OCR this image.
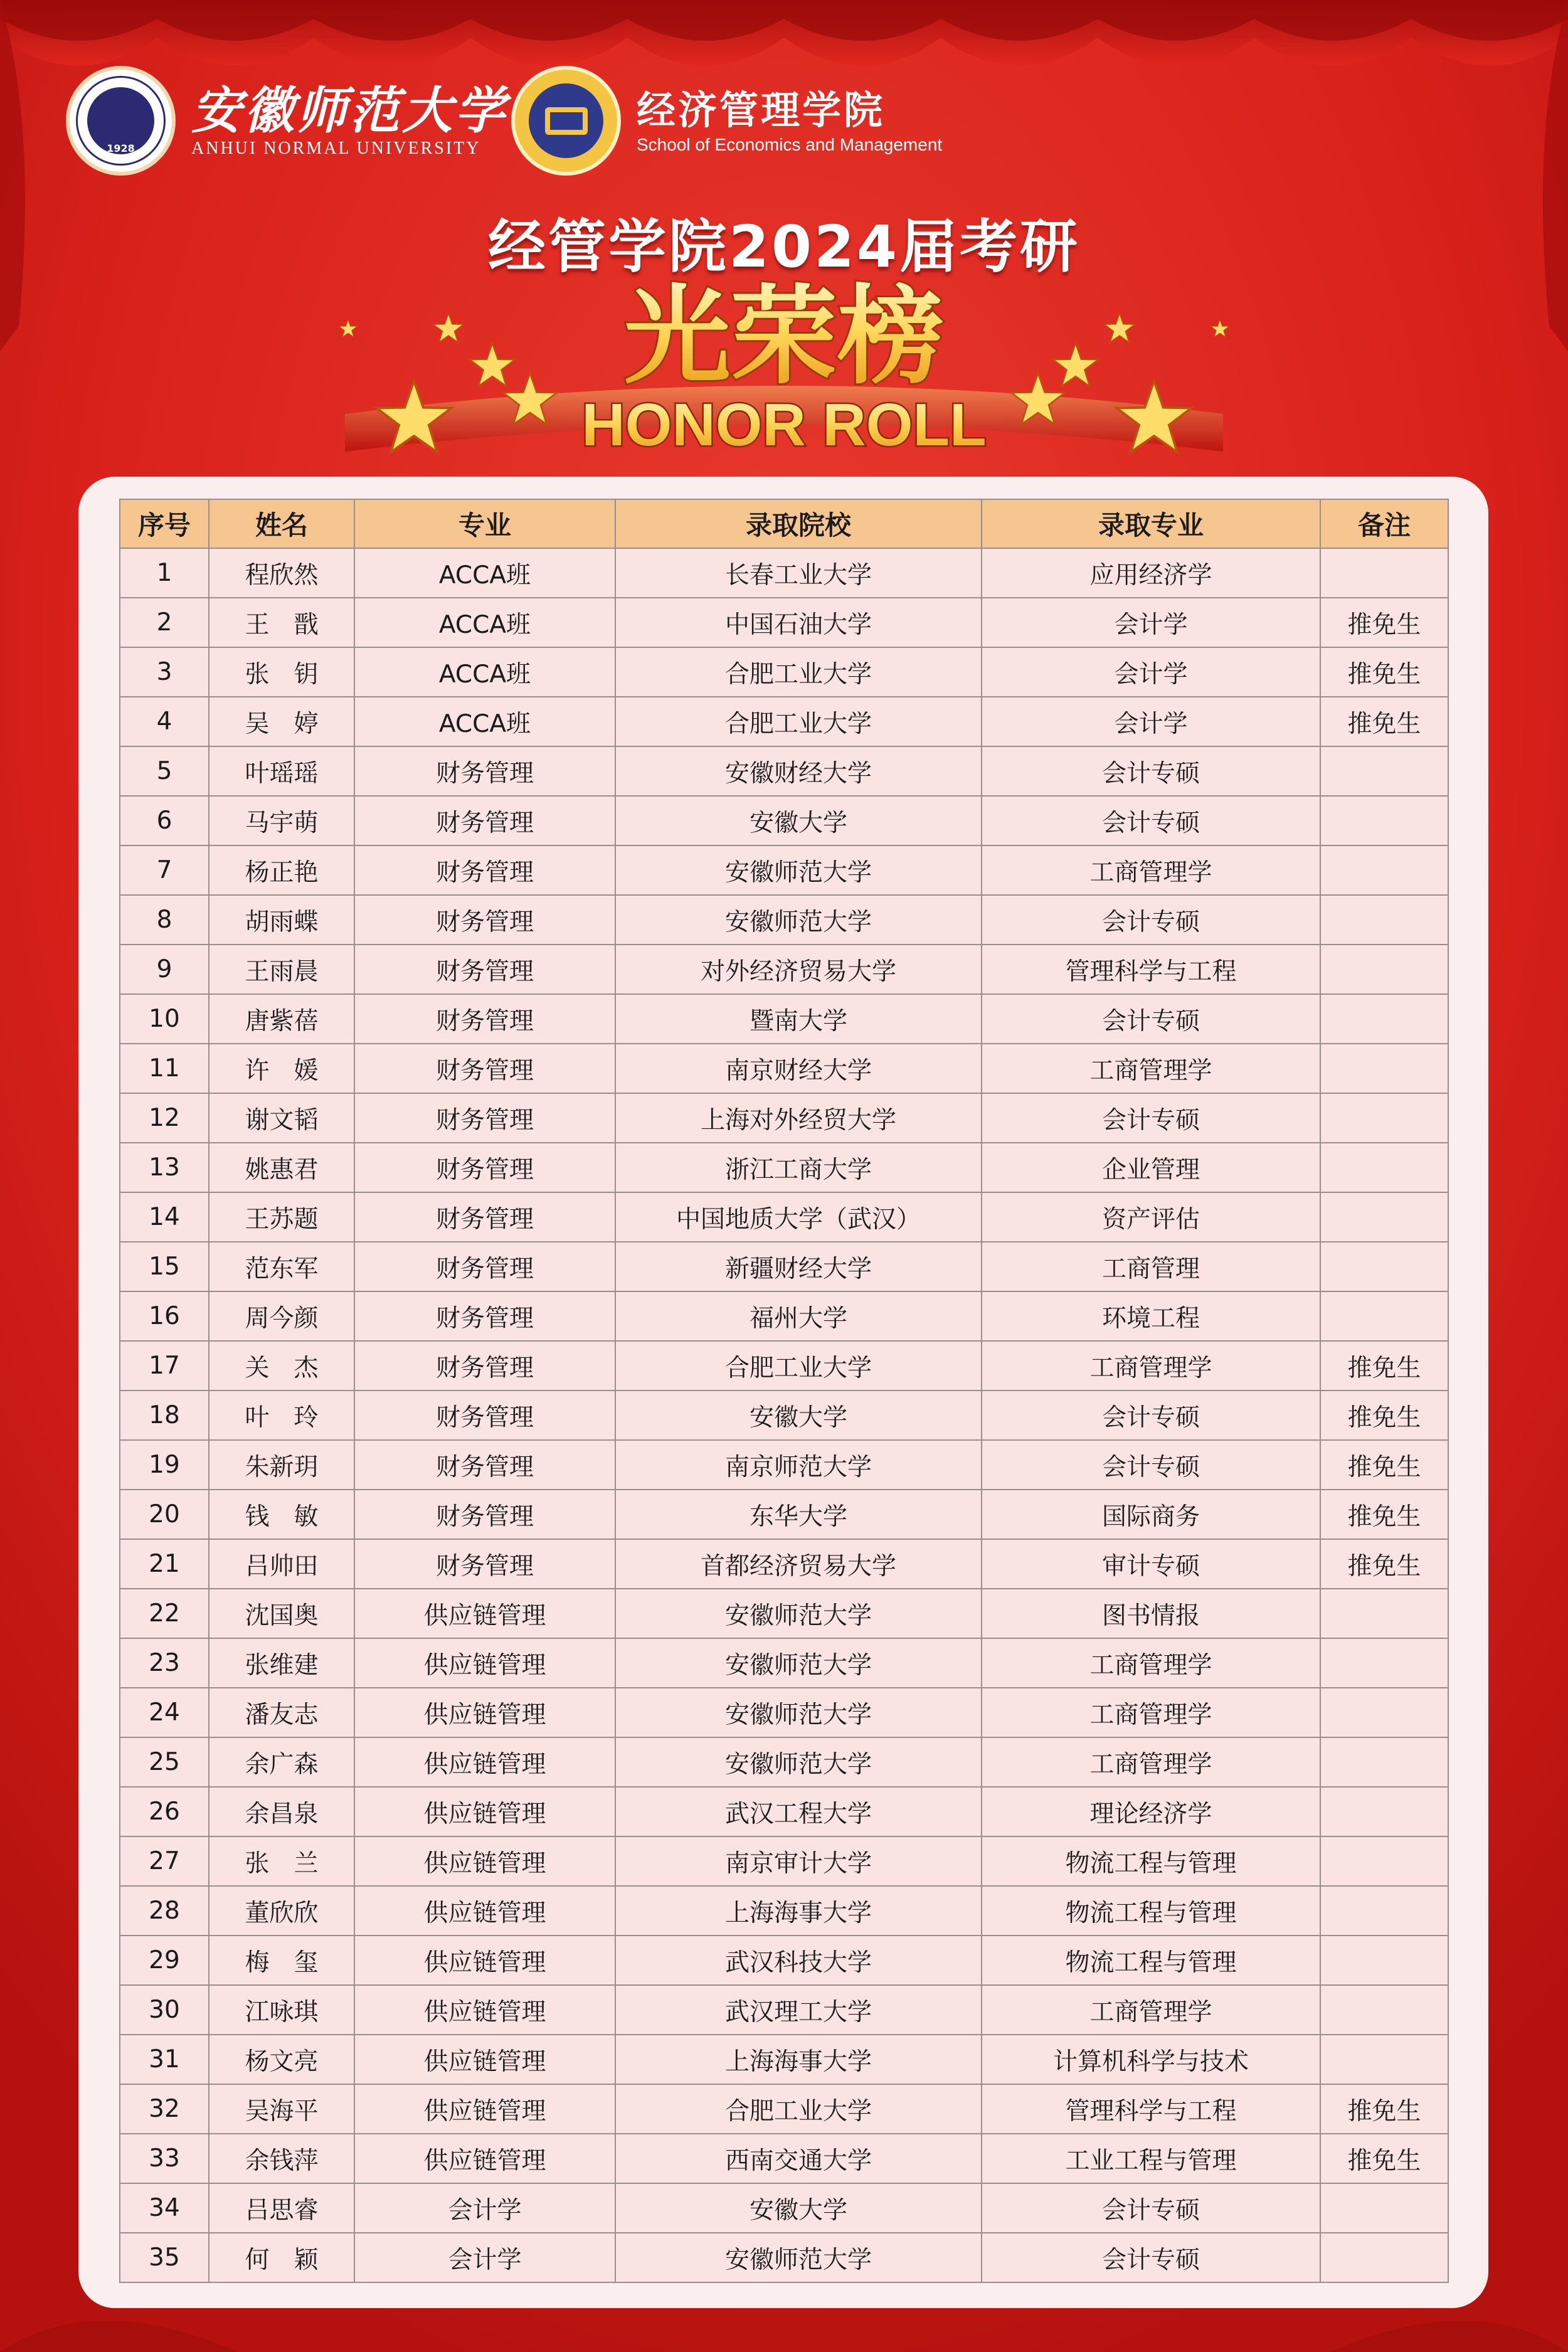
1928
安徽师范大学
ANHUI NORMAL UNIVERSITY
经济管理学院
School of Economics and Management
经管学院2024届考研
光荣榜
HONOR ROLL
序号	姓名	专业	录取院校	录取专业	备注
1	程欣然	ACCA班	长春工业大学	应用经济学	
2	王　戬	ACCA班	中国石油大学	会计学	推免生
3	张　钥	ACCA班	合肥工业大学	会计学	推免生
4	吴　婷	ACCA班	合肥工业大学	会计学	推免生
5	叶瑶瑶	财务管理	安徽财经大学	会计专硕	
6	马宇萌	财务管理	安徽大学	会计专硕	
7	杨正艳	财务管理	安徽师范大学	工商管理学	
8	胡雨蝶	财务管理	安徽师范大学	会计专硕	
9	王雨晨	财务管理	对外经济贸易大学	管理科学与工程	
10	唐紫蓓	财务管理	暨南大学	会计专硕	
11	许　媛	财务管理	南京财经大学	工商管理学	
12	谢文韬	财务管理	上海对外经贸大学	会计专硕	
13	姚惠君	财务管理	浙江工商大学	企业管理	
14	王苏题	财务管理	中国地质大学（武汉）	资产评估	
15	范东军	财务管理	新疆财经大学	工商管理	
16	周今颜	财务管理	福州大学	环境工程	
17	关　杰	财务管理	合肥工业大学	工商管理学	推免生
18	叶　玲	财务管理	安徽大学	会计专硕	推免生
19	朱新玥	财务管理	南京师范大学	会计专硕	推免生
20	钱　敏	财务管理	东华大学	国际商务	推免生
21	吕帅田	财务管理	首都经济贸易大学	审计专硕	推免生
22	沈国奥	供应链管理	安徽师范大学	图书情报	
23	张维建	供应链管理	安徽师范大学	工商管理学	
24	潘友志	供应链管理	安徽师范大学	工商管理学	
25	余广森	供应链管理	安徽师范大学	工商管理学	
26	余昌泉	供应链管理	武汉工程大学	理论经济学	
27	张　兰	供应链管理	南京审计大学	物流工程与管理	
28	董欣欣	供应链管理	上海海事大学	物流工程与管理	
29	梅　玺	供应链管理	武汉科技大学	物流工程与管理	
30	江咏琪	供应链管理	武汉理工大学	工商管理学	
31	杨文亮	供应链管理	上海海事大学	计算机科学与技术	
32	吴海平	供应链管理	合肥工业大学	管理科学与工程	推免生
33	余钱萍	供应链管理	西南交通大学	工业工程与管理	推免生
34	吕思睿	会计学	安徽大学	会计专硕	
35	何　颖	会计学	安徽师范大学	会计专硕	
